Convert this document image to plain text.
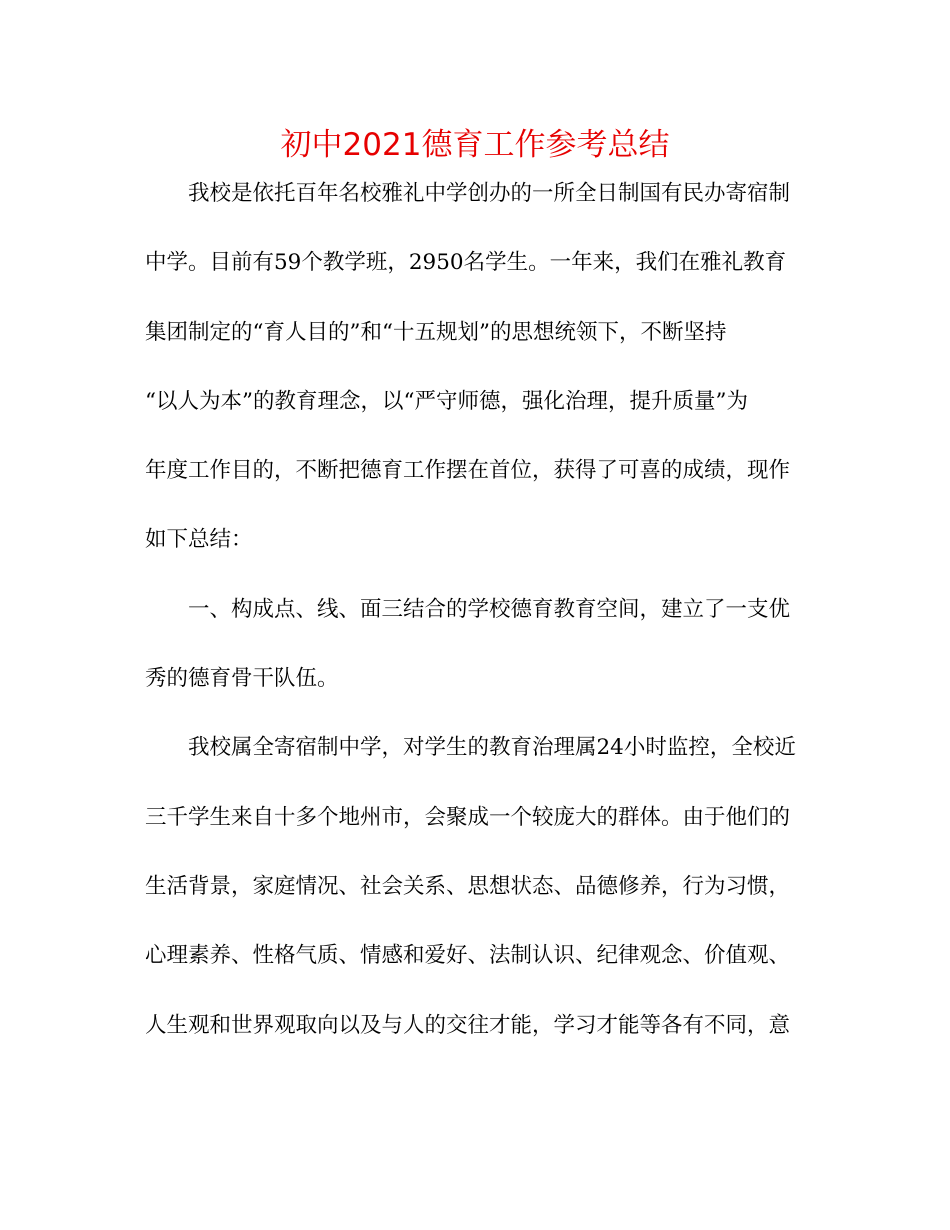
初中2021德育工作参考总结
我校是依托百年名校雅礼中学创办的一所全日制国有民办寄宿制
中学。目前有59个教学班，2950名学生。一年来，我们在雅礼教育
集团制定的“育人目的”和“十五规划”的思想统领下，不断坚持
“以人为本”的教育理念，以“严守师德，强化治理，提升质量”为
年度工作目的，不断把德育工作摆在首位，获得了可喜的成绩，现作
如下总结：
一、构成点、线、面三结合的学校德育教育空间，建立了一支优
秀的德育骨干队伍。
我校属全寄宿制中学，对学生的教育治理属24小时监控，全校近
三千学生来自十多个地州市，会聚成一个较庞大的群体。由于他们的
生活背景，家庭情况、社会关系、思想状态、品德修养，行为习惯，
心理素养、性格气质、情感和爱好、法制认识、纪律观念、价值观、
人生观和世界观取向以及与人的交往才能，学习才能等各有不同，意
